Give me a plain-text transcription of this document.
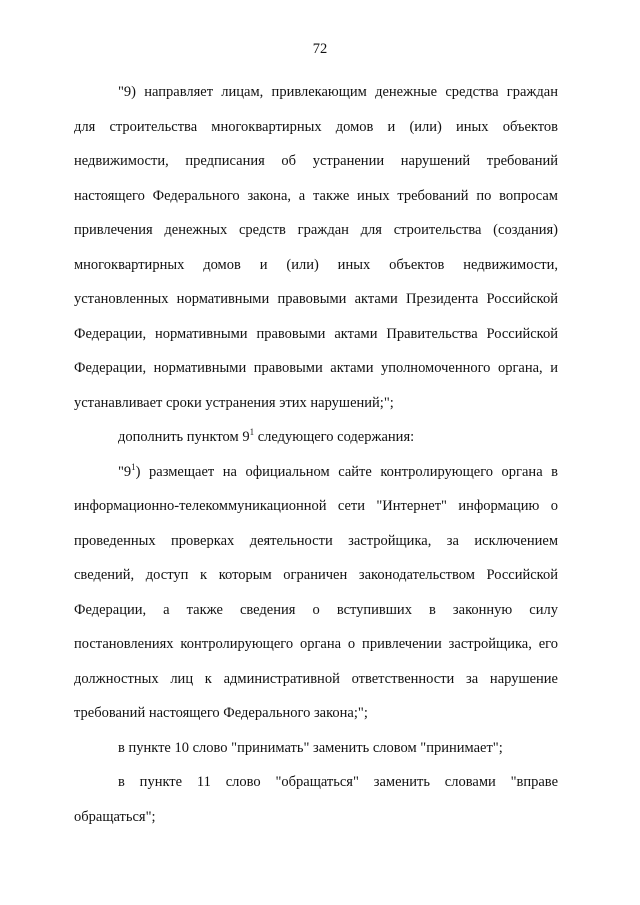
72
"9) направляет лицам, привлекающим денежные средства граждан
для строительства многоквартирных домов и (или) иных объектов
недвижимости, предписания об устранении нарушений требований
настоящего Федерального закона, а также иных требований по вопросам
привлечения денежных средств граждан для строительства (создания)
многоквартирных домов и (или) иных объектов недвижимости,
установленных нормативными правовыми актами Президента Российской
Федерации, нормативными правовыми актами Правительства Российской
Федерации, нормативными правовыми актами уполномоченного органа, и
устанавливает сроки устранения этих нарушений;";
дополнить пунктом $9^1$ следующего содержания:
"$9^1$) размещает на официальном сайте контролирующего органа в
информационно-телекоммуникационной сети "Интернет" информацию о
проведенных проверках деятельности застройщика, за исключением
сведений, доступ к которым ограничен законодательством Российской
Федерации, а также сведения о вступивших в законную силу
постановлениях контролирующего органа о привлечении застройщика, его
должностных лиц к административной ответственности за нарушение
требований настоящего Федерального закона;";
в пункте 10 слово "принимать" заменить словом "принимает";
в пункте 11 слово "обращаться" заменить словами "вправе
обращаться";
